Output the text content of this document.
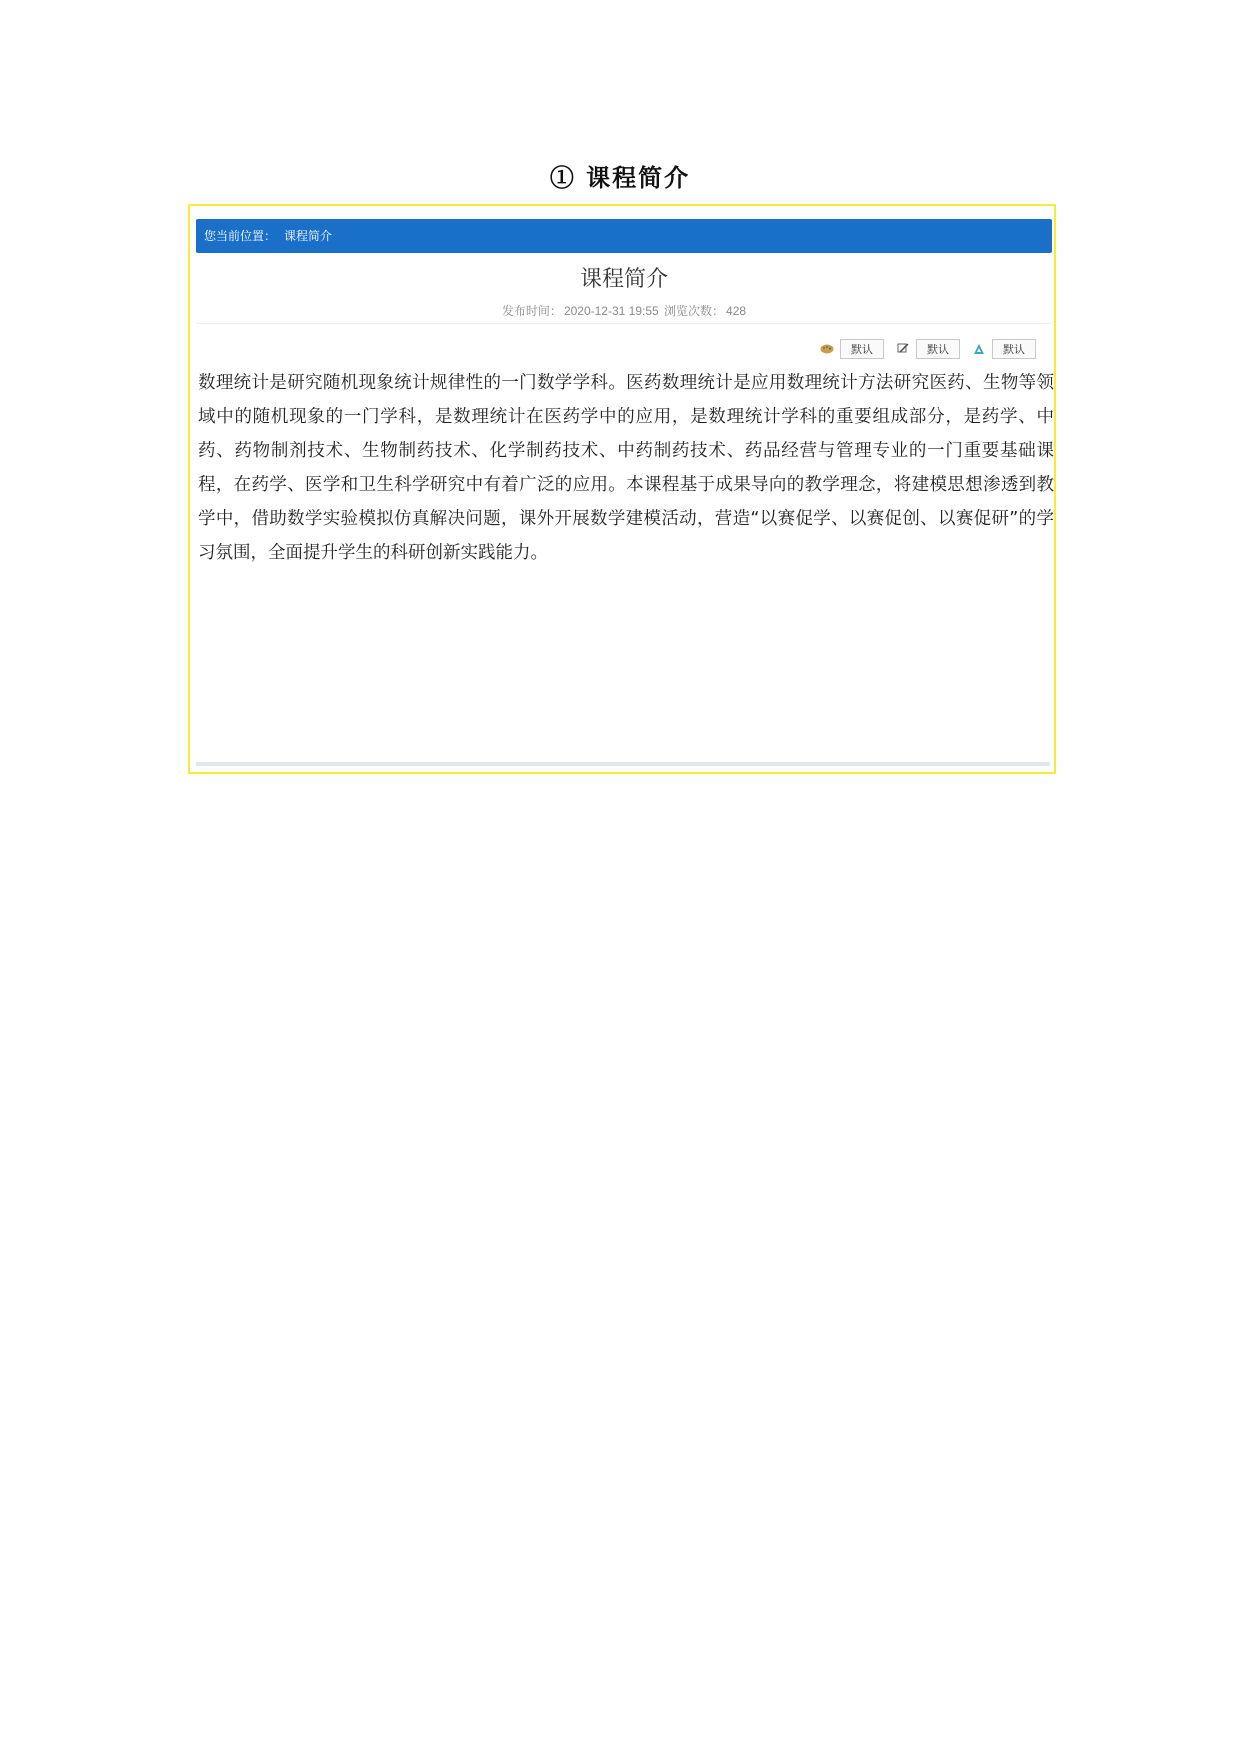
① 课程简介
您当前位置： 课程简介
课程简介
发布时间： 2020-12-31 19:55 浏览次数： 428
默认	默认	默认
数理统计是研究随机现象统计规律性的一门数学学科。医药数理统计是应用数理统计方法研究医药、生物等领域中的随机现象的一门学科，是数理统计在医药学中的应用，是数理统计学科的重要组成部分，是药学、中药、药物制剂技术、生物制药技术、化学制药技术、中药制药技术、药品经营与管理专业的一门重要基础课程，在药学、医学和卫生科学研究中有着广泛的应用。本课程基于成果导向的教学理念，将建模思想渗透到教学中，借助数学实验模拟仿真解决问题，课外开展数学建模活动，营造“以赛促学、以赛促创、以赛促研”的学习氛围，全面提升学生的科研创新实践能力。
